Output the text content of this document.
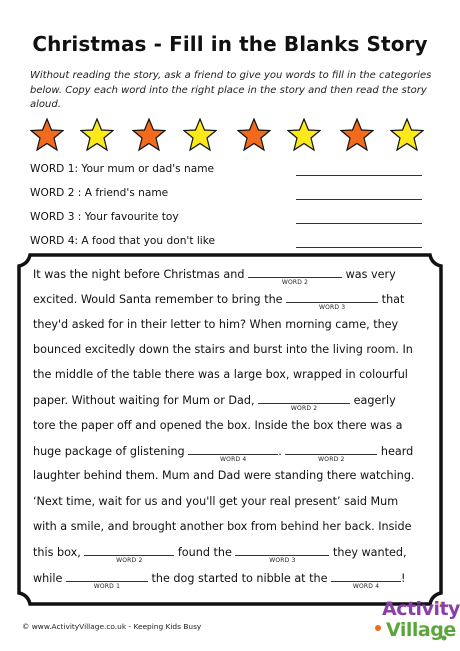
Christmas - Fill in the Blanks Story
Without reading the story, ask a friend to give you words to fill in the categories below. Copy each word into the right place in the story and then read the story aloud.
WORD 1: Your mum or dad's name
WORD 2 : A friend's name
WORD 3 : Your favourite toy
WORD 4: A food that you don't like
It was the night before Christmas and
WORD 2
was very
excited. Would Santa remember to bring the
WORD 3
that
they'd asked for in their letter to him? When morning came, they
bounced excitedly down the stairs and burst into the living room. In
the middle of the table there was a large box, wrapped in colourful
paper. Without waiting for Mum or Dad,
WORD 2
eagerly
tore the paper off and opened the box. Inside the box there was a
huge package of glistening
WORD 4
.
WORD 2
heard
laughter behind them. Mum and Dad were standing there watching.
‘Next time, wait for us and you'll get your real present’ said Mum
with a smile, and brought another box from behind her back. Inside
this box,
WORD 2
found the
WORD 3
they wanted,
while
WORD 1
the dog started to nibble at the
WORD 4
!
© www.ActivityVillage.co.uk - Keeping Kids Busy
Activity
Village
